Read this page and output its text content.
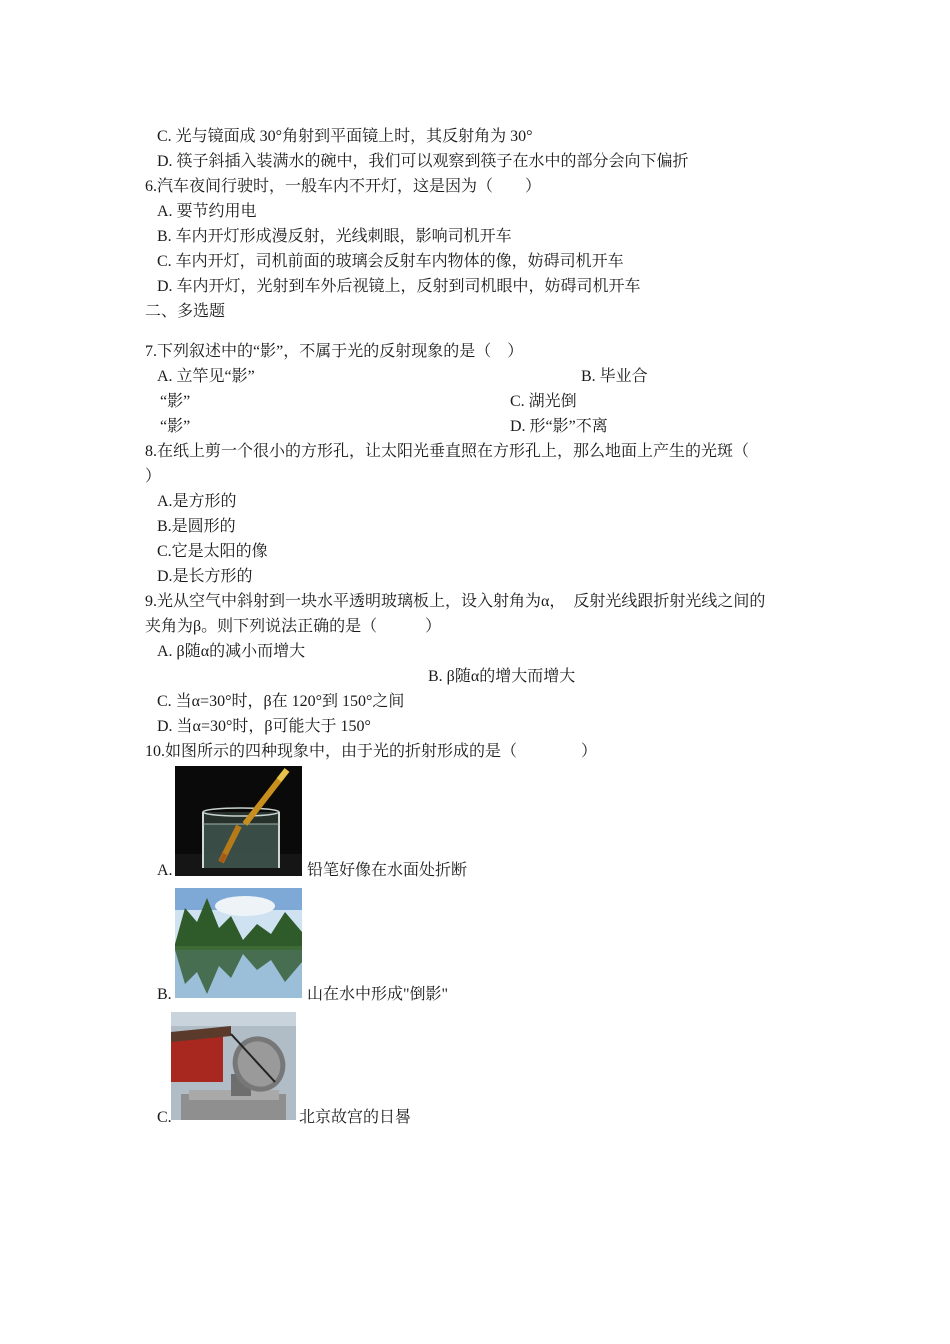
C. 光与镜面成 30°角射到平面镜上时，其反射角为 30°
D. 筷子斜插入装满水的碗中，我们可以观察到筷子在水中的部分会向下偏折
6.汽车夜间行驶时，一般车内不开灯，这是因为（　　）
A. 要节约用电
B. 车内开灯形成漫反射，光线刺眼，影响司机开车
C. 车内开灯，司机前面的玻璃会反射车内物体的像，妨碍司机开车
D. 车内开灯，光射到车外后视镜上，反射到司机眼中，妨碍司机开车
二、多选题
7.下列叙述中的“影”，不属于光的反射现象的是（　）
A. 立竿见“影”	B. 毕业合
“影”	C. 湖光倒
“影”	D. 形“影”不离
8.在纸上剪一个很小的方形孔，让太阳光垂直照在方形孔上，那么地面上产生的光斑（
）
A.是方形的
B.是圆形的
C.它是太阳的像
D.是长方形的
9.光从空气中斜射到一块水平透明玻璃板上，设入射角为α，　反射光线跟折射光线之间的
夹角为β。则下列说法正确的是（　　　）
A. β随α的减小而增大
B. β随α的增大而增大
C. 当α=30°时，β在 120°到 150°之间
D. 当α=30°时，β可能大于 150°
10.如图所示的四种现象中，由于光的折射形成的是（　　　　）
A.	铅笔好像在水面处折断
B.	山在水中形成"倒影"
C.	北京故宫的日晷
